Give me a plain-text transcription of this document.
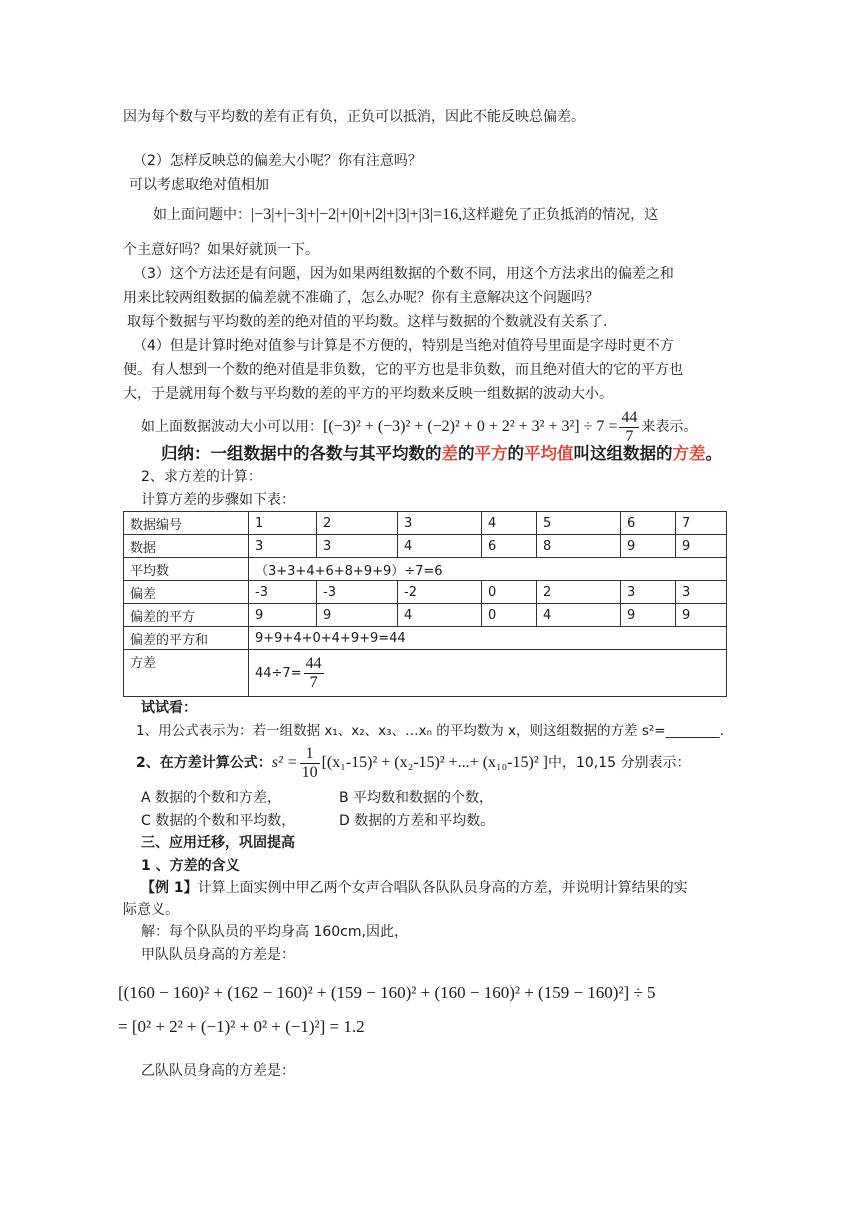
因为每个数与平均数的差有正有负，正负可以抵消，因此不能反映总偏差。
（2）怎样反映总的偏差大小呢？你有注意吗？
可以考虑取绝对值相加
如上面问题中：|−3|+|−3|+|−2|+|0|+|2|+|3|+|3|=16,这样避免了正负抵消的情况，这
个主意好吗？如果好就顶一下。
（3）这个方法还是有问题，因为如果两组数据的个数不同，用这个方法求出的偏差之和
用来比较两组数据的偏差就不准确了，怎么办呢？你有主意解决这个问题吗？
取每个数据与平均数的差的绝对值的平均数。这样与数据的个数就没有关系了.
（4）但是计算时绝对值参与计算是不方便的，特别是当绝对值符号里面是字母时更不方
便。有人想到一个数的绝对值是非负数，它的平方也是非负数，而且绝对值大的它的平方也
大，于是就用每个数与平均数的差的平方的平均数来反映一组数据的波动大小。
如上面数据波动大小可以用：$[(-3)^2 + (-3)^2 + (-2)^2 + 0 + 2^2 + 3^2 + 3^2] \div 7 = \frac{44}{7}$ 来表示。
归纳：一组数据中的各数与其平均数的差的平方的平均值叫这组数据的方差。
2、求方差的计算：
计算方差的步骤如下表：
数据编号	1	2	3	4	5	6	7
数据	3	3	4	6	8	9	9
平均数	（3+3+4+6+8+9+9）÷7=6						
偏差	-3	-3	-2	0	2	3	3
偏差的平方	9	9	4	0	4	9	9
偏差的平方和	9+9+4+0+4+9+9=44						
方差	$44\div 7= \frac{44}{7}$
试试看：
1、用公式表示为：若一组数据 x₁、x₂、x₃、…xₙ 的平均数为 x，则这组数据的方差 s²=________.
2、在方差计算公式：$s^2 = \frac{1}{10} [(x_1-15)^2 + (x_2-15)^2$ +...+ (x₁₀-15)² ]中，10,15 分别表示：
A 数据的个数和方差，	B 平均数和数据的个数，
C 数据的个数和平均数，	D 数据的方差和平均数。
三、应用迁移，巩固提高
1 、方差的含义
【例 1】计算上面实例中甲乙两个女声合唱队各队队员身高的方差，并说明计算结果的实
际意义。
解：每个队队员的平均身高 160cm,因此，
甲队队员身高的方差是：
[(160 − 160)² + (162 − 160)² + (159 − 160)² + (160 − 160)² + (159 − 160)²] ÷ 5
= [0² + 2² + (−1)² + 0² + (−1)²] = 1.2
乙队队员身高的方差是：
